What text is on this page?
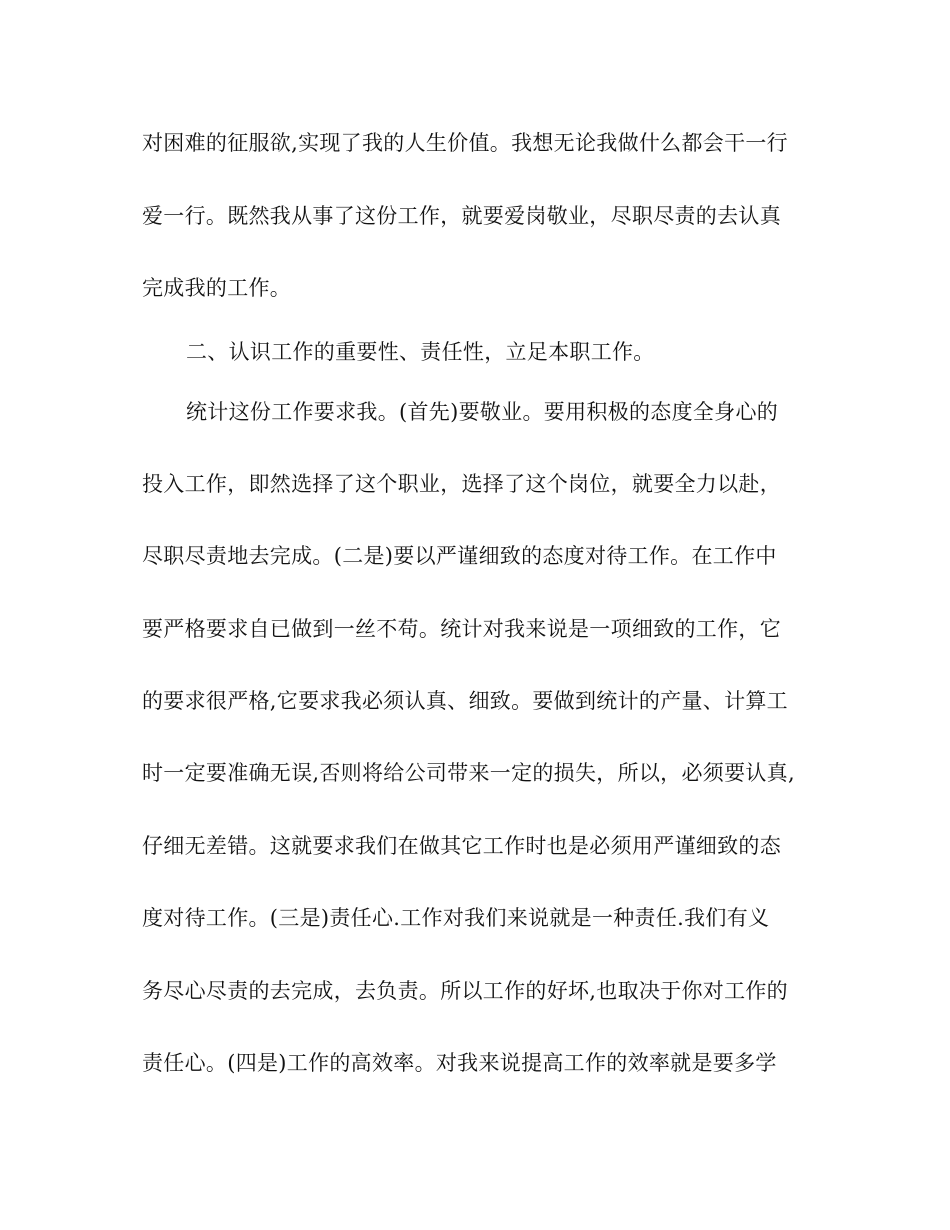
对困难的征服欲,实现了我的人生价值。我想无论我做什么都会干一行
爱一行。既然我从事了这份工作，就要爱岗敬业，尽职尽责的去认真
完成我的工作。
二、认识工作的重要性、责任性，立足本职工作。
统计这份工作要求我。(首先)要敬业。要用积极的态度全身心的
投入工作，即然选择了这个职业，选择了这个岗位，就要全力以赴，
尽职尽责地去完成。(二是)要以严谨细致的态度对待工作。在工作中
要严格要求自已做到一丝不苟。统计对我来说是一项细致的工作，它
的要求很严格,它要求我必须认真、细致。要做到统计的产量、计算工
时一定要准确无误,否则将给公司带来一定的损失，所以，必须要认真,
仔细无差错。这就要求我们在做其它工作时也是必须用严谨细致的态
度对待工作。(三是)责任心.工作对我们来说就是一种责任.我们有义
务尽心尽责的去完成，去负责。所以工作的好坏,也取决于你对工作的
责任心。(四是)工作的高效率。对我来说提高工作的效率就是要多学
